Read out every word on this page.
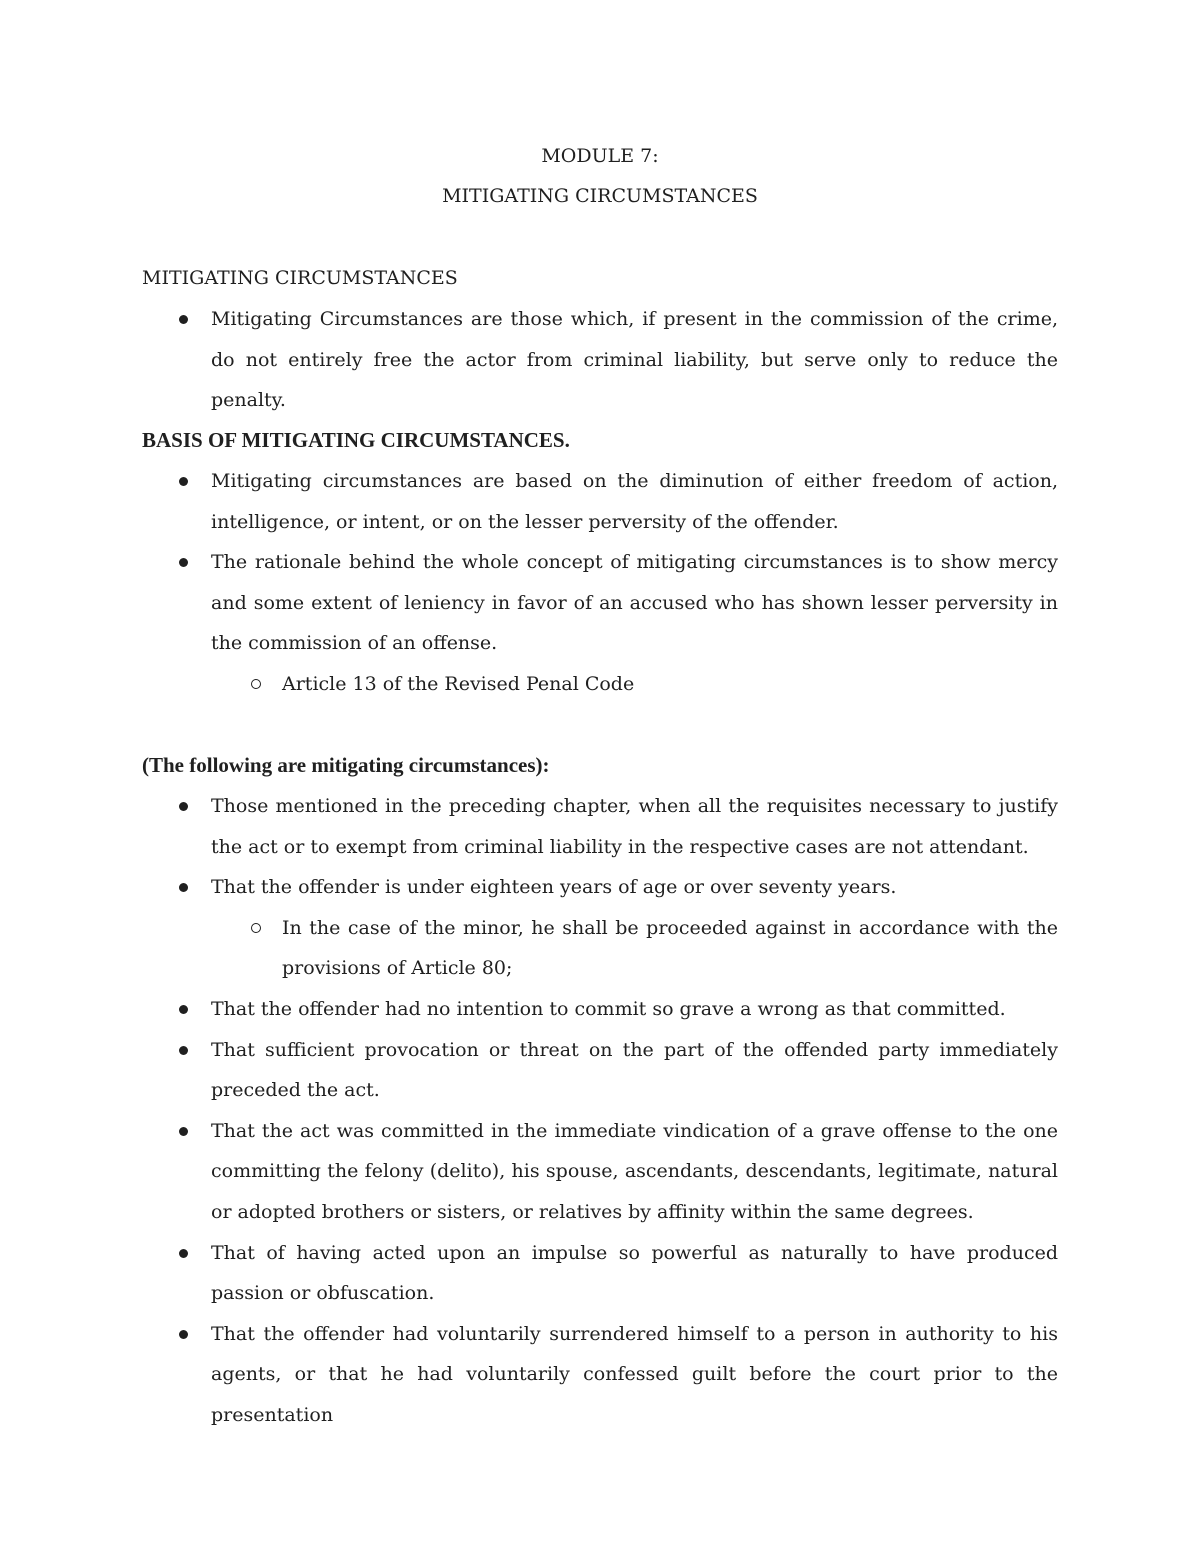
MODULE 7:
MITIGATING CIRCUMSTANCES
MITIGATING CIRCUMSTANCES
Mitigating Circumstances are those which, if present in the commission of the crime, do not entirely free the actor from criminal liability, but serve only to reduce the penalty.
BASIS OF MITIGATING CIRCUMSTANCES.
Mitigating circumstances are based on the diminution of either freedom of action, intelligence, or intent, or on the lesser perversity of the offender.
The rationale behind the whole concept of mitigating circumstances is to show mercy and some extent of leniency in favor of an accused who has shown lesser perversity in the commission of an offense.
Article 13 of the Revised Penal Code
(The following are mitigating circumstances):
Those mentioned in the preceding chapter, when all the requisites necessary to justify the act or to exempt from criminal liability in the respective cases are not attendant.
That the offender is under eighteen years of age or over seventy years.
In the case of the minor, he shall be proceeded against in accordance with the provisions of Article 80;
That the offender had no intention to commit so grave a wrong as that committed.
That sufficient provocation or threat on the part of the offended party immediately preceded the act.
That the act was committed in the immediate vindication of a grave offense to the one committing the felony (delito), his spouse, ascendants, descendants, legitimate, natural or adopted brothers or sisters, or relatives by affinity within the same degrees.
That of having acted upon an impulse so powerful as naturally to have produced passion or obfuscation.
That the offender had voluntarily surrendered himself to a person in authority to his agents, or that he had voluntarily confessed guilt before the court prior to the presentation
